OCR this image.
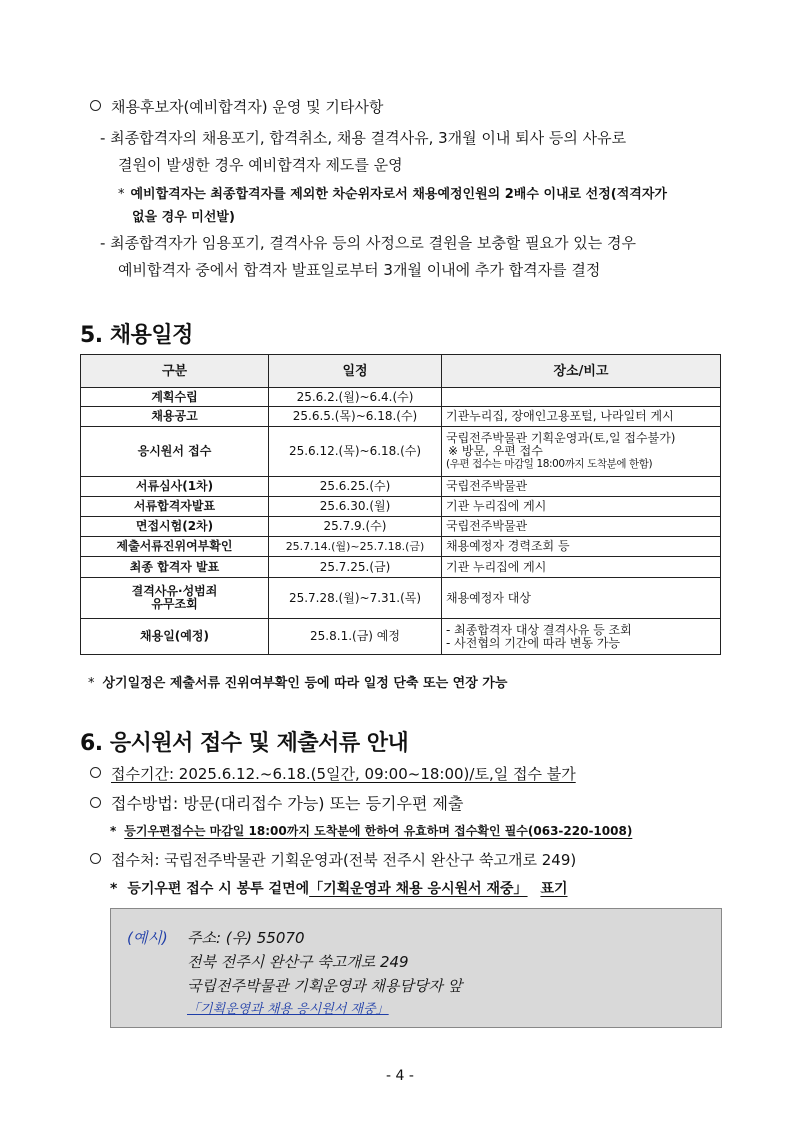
채용후보자(예비합격자) 운영 및 기타사항
- 최종합격자의 채용포기, 합격취소, 채용 결격사유, 3개월 이내 퇴사 등의 사유로
결원이 발생한 경우 예비합격자 제도를 운영
* 예비합격자는 최종합격자를 제외한 차순위자로서 채용예정인원의 2배수 이내로 선정(적격자가
없을 경우 미선발)
- 최종합격자가 임용포기, 결격사유 등의 사정으로 결원을 보충할 필요가 있는 경우
예비합격자 중에서 합격자 발표일로부터 3개월 이내에 추가 합격자를 결정
5. 채용일정
구분	일정	장소/비고
계획수립	25.6.2.(월)~6.4.(수)	
채용공고	25.6.5.(목)~6.18.(수)	기관누리집, 장애인고용포털, 나라일터 게시
응시원서 접수	25.6.12.(목)~6.18.(수)	국립전주박물관 기획운영과(토,일 접수불가)
※ 방문, 우편 접수
(우편 접수는 마감일 18:00까지 도착분에 한함)

서류심사(1차)	25.6.25.(수)	국립전주박물관
서류합격자발표	25.6.30.(월)	기관 누리집에 게시
면접시험(2차)	25.7.9.(수)	국립전주박물관
제출서류진위여부확인	25.7.14.(월)~25.7.18.(금)	채용예정자 경력조회 등
최종 합격자 발표	25.7.25.(금)	기관 누리집에 게시

결격사유·성범죄
유무조회	25.7.28.(월)~7.31.(목)	채용예정자 대상
채용일(예정)	25.8.1.(금) 예정	- 최종합격자 대상 결격사유 등 조회
- 사전협의 기간에 따라 변동 가능
* 상기일정은 제출서류 진위여부확인 등에 따라 일정 단축 또는 연장 가능
6. 응시원서 접수 및 제출서류 안내
접수기간: 2025.6.12.~6.18.(5일간, 09:00~18:00)/토,일 접수 불가
접수방법: 방문(대리접수 가능) 또는 등기우편 제출
* 등기우편접수는 마감일 18:00까지 도착분에 한하여 유효하며 접수확인 필수(063-220-1008)
접수처: 국립전주박물관 기획운영과(전북 전주시 완산구 쑥고개로 249)
* 등기우편 접수 시 봉투 겉면에「기획운영과 채용 응시원서 재중」 표기
(예시) 주소: (우) 55070
전북 전주시 완산구 쑥고개로 249
국립전주박물관 기획운영과 채용담당자 앞
「기획운영과 채용 응시원서 재중」
- 4 -
